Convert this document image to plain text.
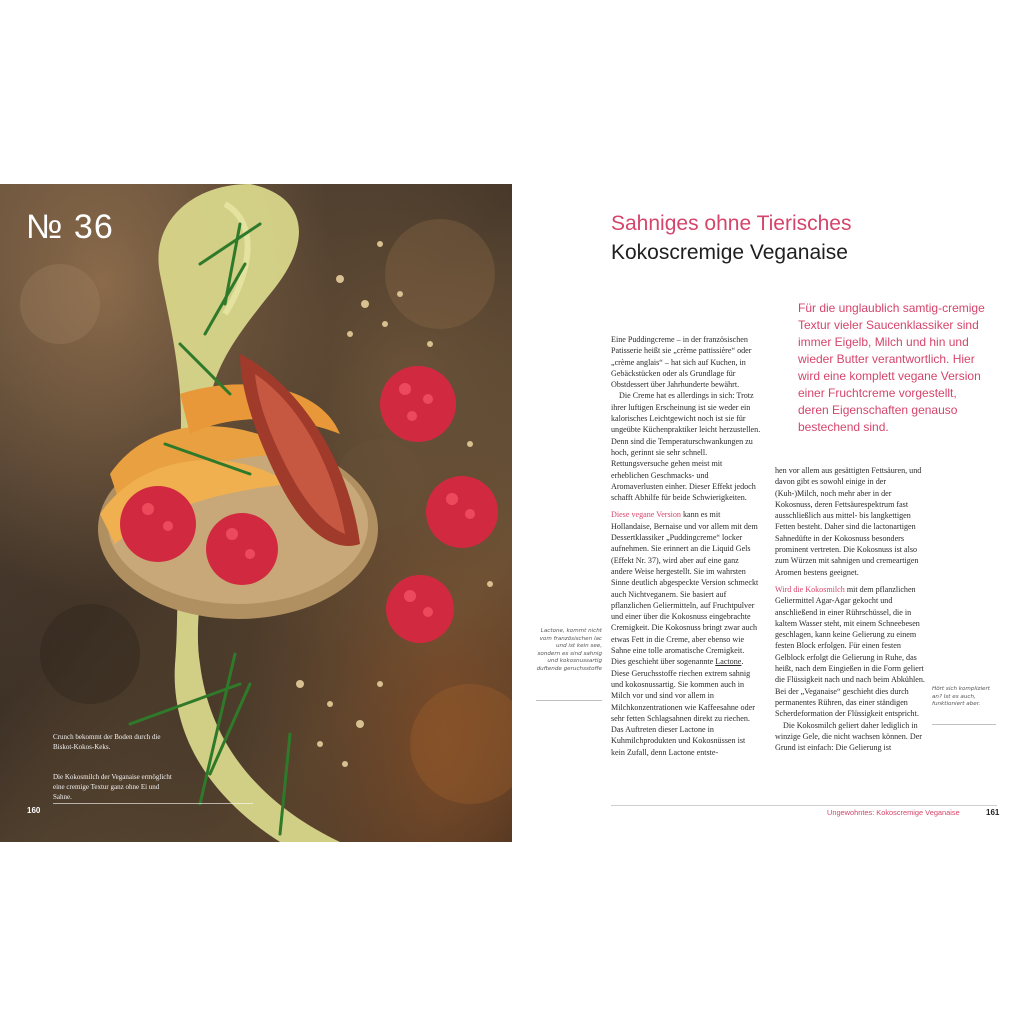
№ 36
Crunch bekommt der Boden durch die Biskot-Kokos-Keks.
Die Kokosmilch der Veganaise ermöglicht eine cremige Textur ganz ohne Ei und Sahne.
160
Sahniges ohne Tierisches
Kokoscremige Veganaise
Für die unglaublich samtig-cremige Textur vieler Saucenklassiker sind immer Eigelb, Milch und hin und wieder Butter verantwortlich. Hier wird eine komplett vegane Version einer Fruchtcreme vorgestellt, deren Eigenschaften genauso bestechend sind.

Eine Puddingcreme – in der französischen Patisserie heißt sie „crème pattissière“ oder „crème anglais“ – hat sich auf Kuchen, in Gebäckstücken oder als Grundlage für Obstdessert über Jahrhunderte bewährt.

Die Creme hat es allerdings in sich: Trotz ihrer luftigen Erscheinung ist sie weder ein kalorisches Leichtgewicht noch ist sie für ungeübte Küchenpraktiker leicht herzustellen. Denn sind die Temperaturschwankungen zu hoch, gerinnt sie sehr schnell. Rettungsversuche gehen meist mit erheblichen Geschmacks- und Aromaverlusten einher. Dieser Effekt jedoch schafft Abhilfe für beide Schwierigkeiten.

Diese vegane Version kann es mit Hollandaise, Bernaise und vor allem mit dem Dessertklassiker „Puddingcreme“ locker aufnehmen. Sie erinnert an die Liquid Gels (Effekt Nr. 37), wird aber auf eine ganz andere Weise hergestellt. Sie im wahrsten Sinne deutlich abgespeckte Version schmeckt auch Nichtveganern. Sie basiert auf pflanzlichen Geliermitteln, auf Fruchtpulver und einer über die Kokosnuss eingebrachte Cremigkeit. Die Kokosnuss bringt zwar auch etwas Fett in die Creme, aber ebenso wie Sahne eine tolle aromatische Cremigkeit. Dies geschieht über sogenannte Lactone. Diese Geruchsstoffe riechen extrem sahnig und kokosnussartig. Sie kommen auch in Milch vor und sind vor allem in Milchkonzentrationen wie Kaffeesahne oder sehr fetten Schlagsahnen direkt zu riechen. Das Auftreten dieser Lactone in Kuhmilchprodukten und Kokosnüssen ist kein Zufall, denn Lactone entste-

hen vor allem aus gesättigten Fettsäuren, und davon gibt es sowohl einige in der (Kuh-)Milch, noch mehr aber in der Kokosnuss, deren Fettsäurespektrum fast ausschließlich aus mittel- bis langkettigen Fetten besteht. Daher sind die lactonartigen Sahnedüfte in der Kokosnuss besonders prominent vertreten. Die Kokosnuss ist also zum Würzen mit sahnigen und cremeartigen Aromen bestens geeignet.

Wird die Kokosmilch mit dem pflanzlichen Geliermittel Agar-Agar gekocht und anschließend in einer Rührschüssel, die in kaltem Wasser steht, mit einem Schneebesen geschlagen, kann keine Gelierung zu einem festen Block erfolgen. Für einen festen Gelblock erfolgt die Gelierung in Ruhe, das heißt, nach dem Eingießen in die Form geliert die Flüssigkeit nach und nach beim Abkühlen. Bei der „Veganaise“ geschieht dies durch permanentes Rühren, das einer ständigen Scherdeformation der Flüssigkeit entspricht.

Die Kokosmilch geliert daher lediglich in winzige Gele, die nicht wachsen können. Der Grund ist einfach: Die Gelierung ist

Lactone, kommt nicht vom französischen lac und ist kein see, sondern es sind sahnig und kokosnussartig duftende geruchsstoffe
Hört sich kompliziert an? Ist es auch, funktioniert aber.
Ungewohntes: Kokoscremige Veganaise	161
